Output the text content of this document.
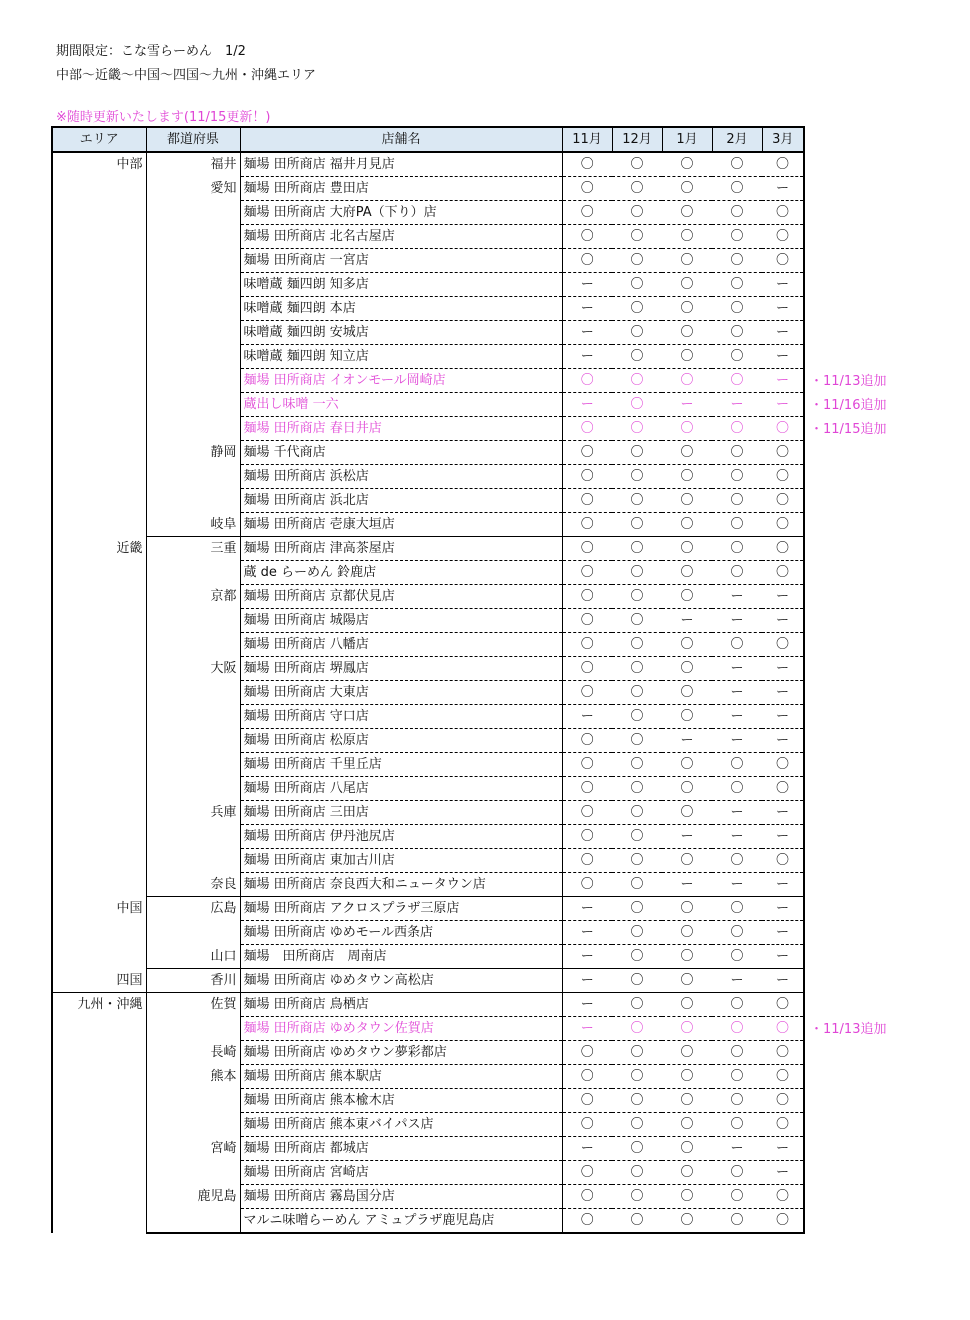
期間限定：こな雪らーめん　1/2
中部〜近畿〜中国〜四国〜九州・沖縄エリア
※随時更新いたします(11/15更新！)
エリア	都道府県	店舗名	11月	12月	1月	2月	3月
中部	福井	麺場 田所商店 福井月見店	〇	〇	〇	〇	〇
	愛知	麺場 田所商店 豊田店	〇	〇	〇	〇	ー
		麺場 田所商店 大府PA（下り）店	〇	〇	〇	〇	〇
		麺場 田所商店 北名古屋店	〇	〇	〇	〇	〇
		麺場 田所商店 一宮店	〇	〇	〇	〇	〇
		味噌蔵 麺四朗 知多店	ー	〇	〇	〇	ー
		味噌蔵 麺四朗 本店	ー	〇	〇	〇	ー
		味噌蔵 麺四朗 安城店	ー	〇	〇	〇	ー
		味噌蔵 麺四朗 知立店	ー	〇	〇	〇	ー
		麺場 田所商店 イオンモール岡崎店	〇	〇	〇	〇	ー
		蔵出し味噌 一六	ー	〇	ー	ー	ー
		麺場 田所商店 春日井店	〇	〇	〇	〇	〇
	静岡	麺場 千代商店	〇	〇	〇	〇	〇
		麺場 田所商店 浜松店	〇	〇	〇	〇	〇
		麺場 田所商店 浜北店	〇	〇	〇	〇	〇
	岐阜	麺場 田所商店 壱康大垣店	〇	〇	〇	〇	〇
近畿	三重	麺場 田所商店 津高茶屋店	〇	〇	〇	〇	〇
		蔵 de らーめん 鈴鹿店	〇	〇	〇	〇	〇
	京都	麺場 田所商店 京都伏見店	〇	〇	〇	ー	ー
		麺場 田所商店 城陽店	〇	〇	ー	ー	ー
		麺場 田所商店 八幡店	〇	〇	〇	〇	〇
	大阪	麺場 田所商店 堺鳳店	〇	〇	〇	ー	ー
		麺場 田所商店 大東店	〇	〇	〇	ー	ー
		麺場 田所商店 守口店	ー	〇	〇	ー	ー
		麺場 田所商店 松原店	〇	〇	ー	ー	ー
		麺場 田所商店 千里丘店	〇	〇	〇	〇	〇
		麺場 田所商店 八尾店	〇	〇	〇	〇	〇
	兵庫	麺場 田所商店 三田店	〇	〇	〇	ー	ー
		麺場 田所商店 伊丹池尻店	〇	〇	ー	ー	ー
		麺場 田所商店 東加古川店	〇	〇	〇	〇	〇
	奈良	麺場 田所商店 奈良西大和ニュータウン店	〇	〇	ー	ー	ー
中国	広島	麺場 田所商店 アクロスプラザ三原店	ー	〇	〇	〇	ー
		麺場 田所商店 ゆめモール西条店	ー	〇	〇	〇	ー
	山口	麺場　田所商店　周南店	ー	〇	〇	〇	ー
四国	香川	麺場 田所商店 ゆめタウン高松店	ー	〇	〇	ー	ー
九州・沖縄	佐賀	麺場 田所商店 鳥栖店	ー	〇	〇	〇	〇
		麺場 田所商店 ゆめタウン佐賀店	ー	〇	〇	〇	〇
	長崎	麺場 田所商店 ゆめタウン夢彩都店	〇	〇	〇	〇	〇
	熊本	麺場 田所商店 熊本駅店	〇	〇	〇	〇	〇
		麺場 田所商店 熊本楡木店	〇	〇	〇	〇	〇
		麺場 田所商店 熊本東バイパス店	〇	〇	〇	〇	〇
	宮崎	麺場 田所商店 都城店	ー	〇	〇	ー	ー
		麺場 田所商店 宮崎店	〇	〇	〇	〇	ー
	鹿児島	麺場 田所商店 霧島国分店	〇	〇	〇	〇	〇
		マルニ味噌らーめん アミュプラザ鹿児島店	〇	〇	〇	〇	〇
・11/13追加
・11/16追加
・11/15追加
・11/13追加
